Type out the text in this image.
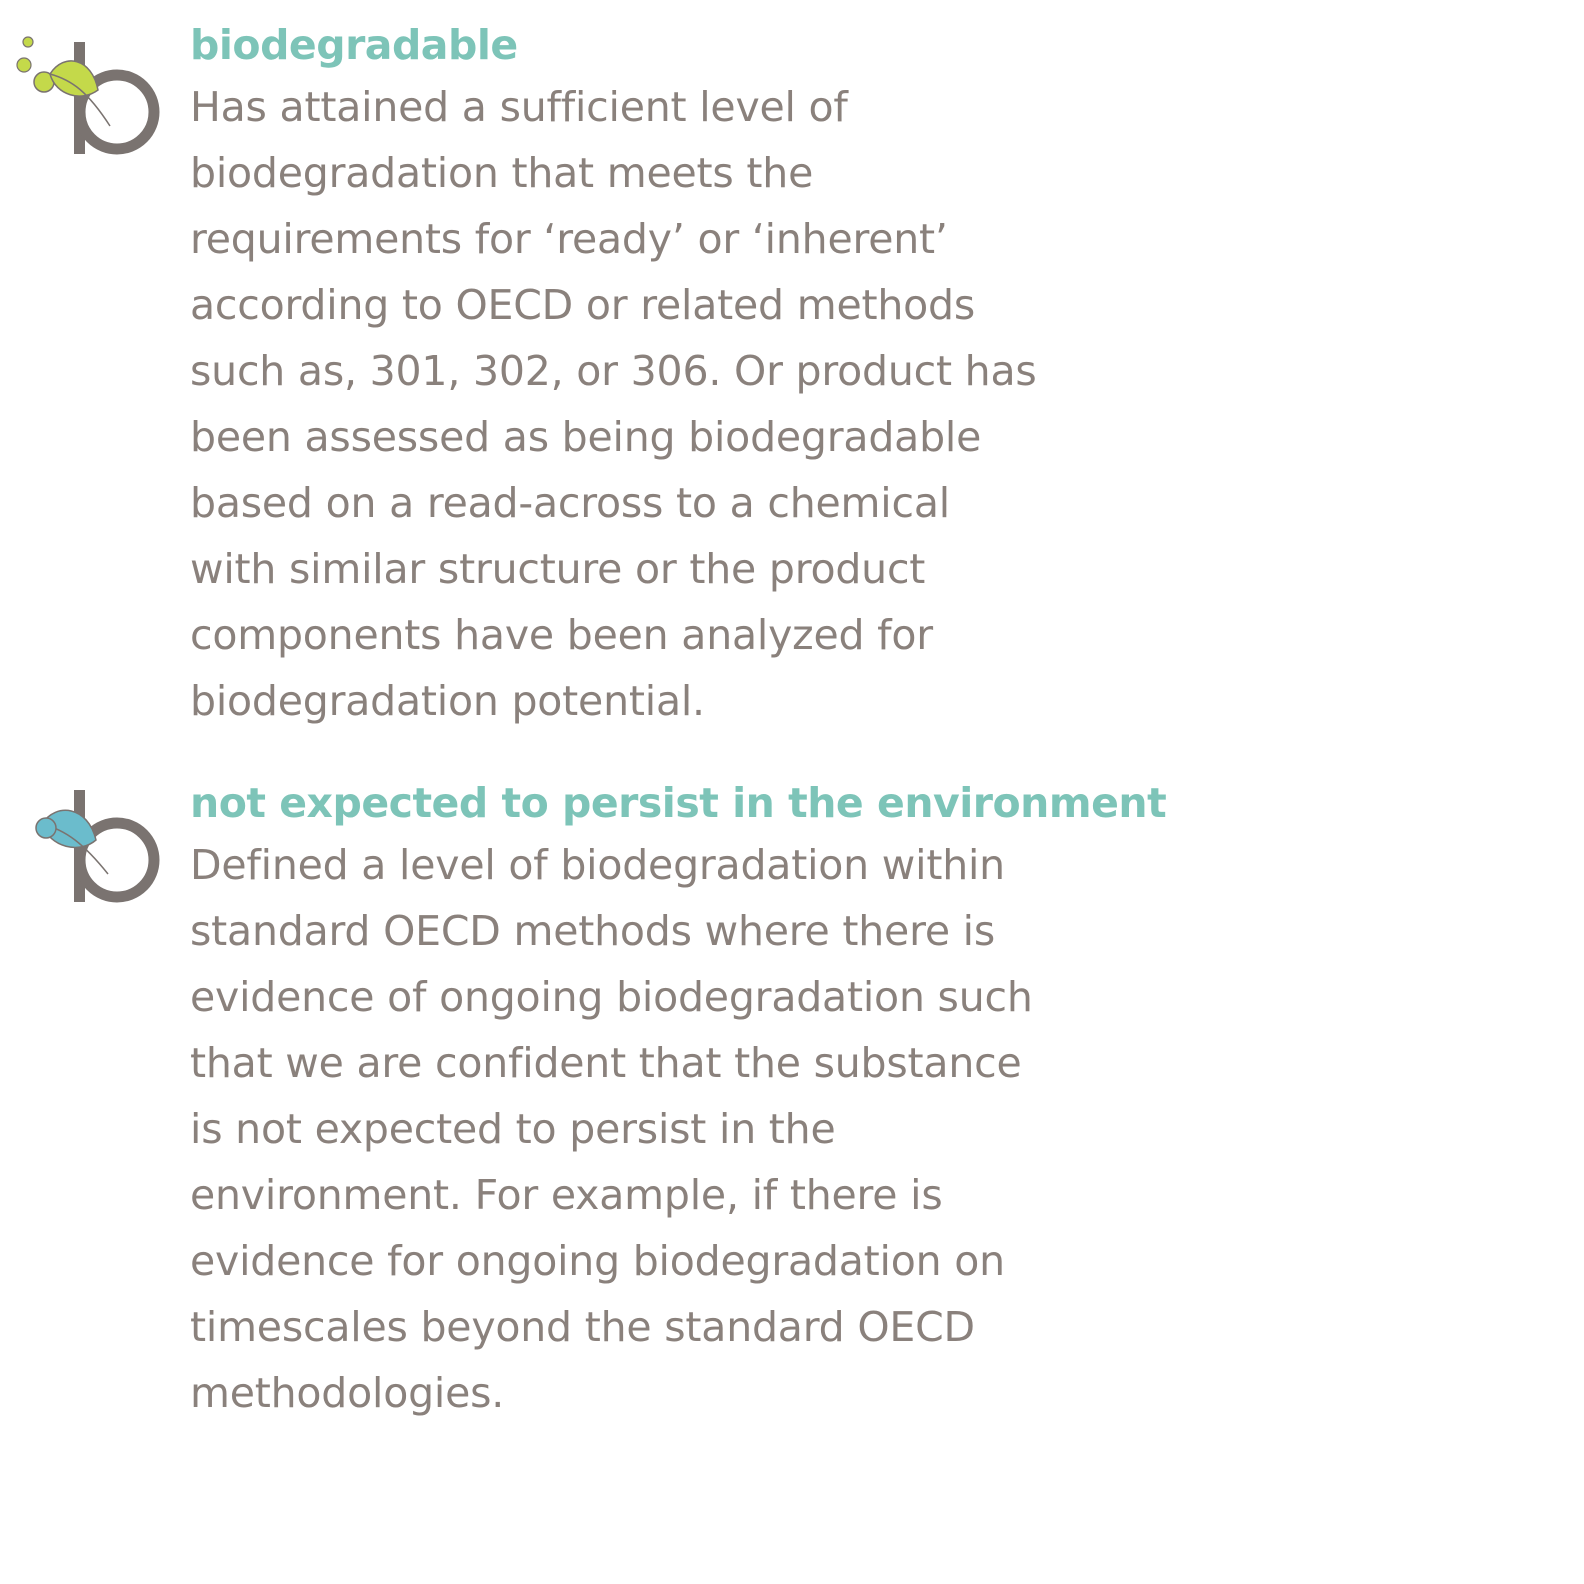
biodegradable

Has attained a sufficient level of
biodegradation that meets the
requirements for ‘ready’ or ‘inherent’
according to OECD or related methods
such as, 301, 302, or 306. Or product has
been assessed as being biodegradable
based on a read-across to a chemical
with similar structure or the product
components have been analyzed for
biodegradation potential.

not expected to persist in the environment

Defined a level of biodegradation within
standard OECD methods where there is
evidence of ongoing biodegradation such
that we are confident that the substance
is not expected to persist in the
environment. For example, if there is
evidence for ongoing biodegradation on
timescales beyond the standard OECD
methodologies.
